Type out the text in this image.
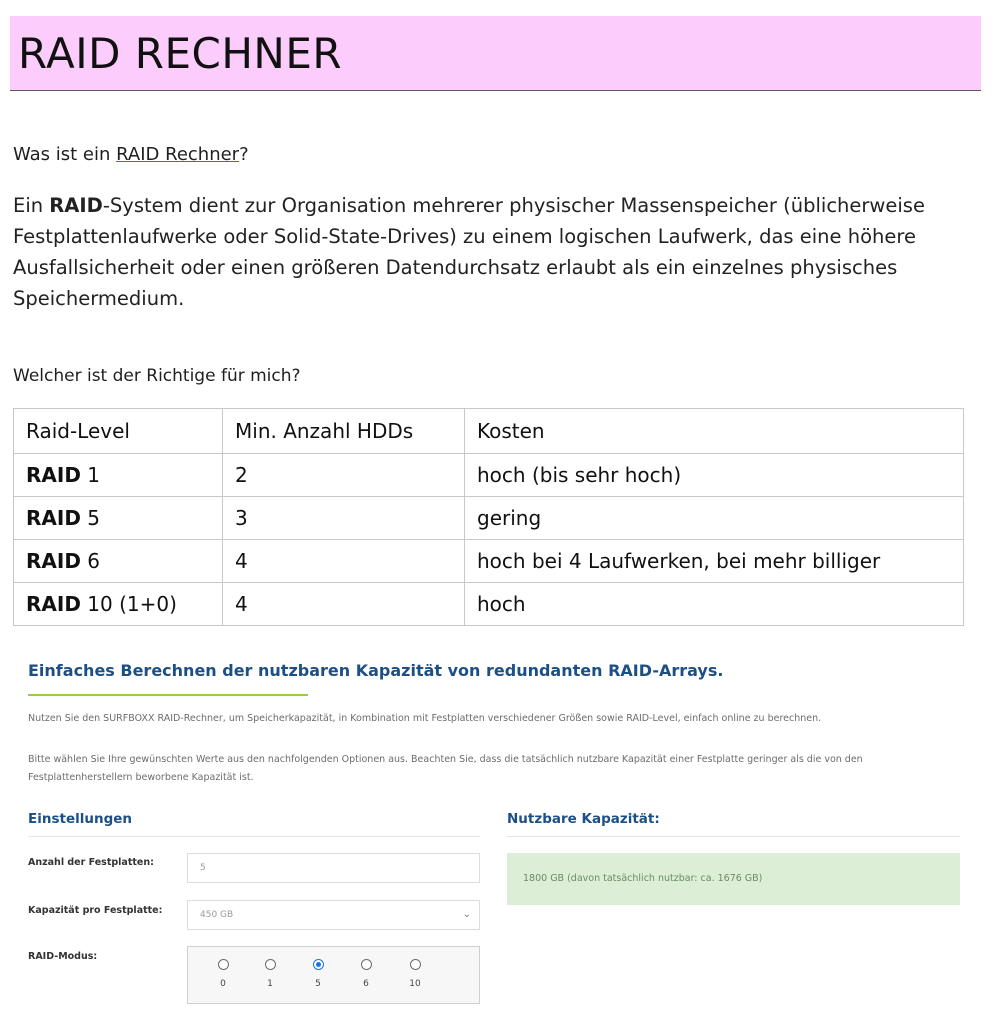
RAID RECHNER

Was ist ein RAID Rechner?

Ein RAID-System dient zur Organisation mehrerer physischer Massenspeicher (üblicherweise Festplattenlaufwerke oder Solid-State-Drives) zu einem logischen Laufwerk, das eine höhere Ausfallsicherheit oder einen größeren Datendurchsatz erlaubt als ein einzelnes physisches Speichermedium.

Welcher ist der Richtige für mich?

Raid-Level	Min. Anzahl HDDs	Kosten
RAID 1	2	hoch (bis sehr hoch)
RAID 5	3	gering
RAID 6	4	hoch bei 4 Laufwerken, bei mehr billiger
RAID 10 (1+0)	4	hoch
Einfaches Berechnen der nutzbaren Kapazität von redundanten RAID-Arrays.

Nutzen Sie den SURFBOXX RAID-Rechner, um Speicherkapazität, in Kombination mit Festplatten verschiedener Größen sowie RAID-Level, einfach online zu berechnen.

Bitte wählen Sie Ihre gewünschten Werte aus den nachfolgenden Optionen aus. Beachten Sie, dass die tatsächlich nutzbare Kapazität einer Festplatte geringer als die von den Festplattenherstellern beworbene Kapazität ist.

Einstellungen	Nutzbare Kapazität:

Anzahl der Festplatten:

5

Kapazität pro Festplatte:	450 GB	⌄

RAID-Modus:

0	1	5	6	10
1800 GB (davon tatsächlich nutzbar: ca. 1676 GB)
